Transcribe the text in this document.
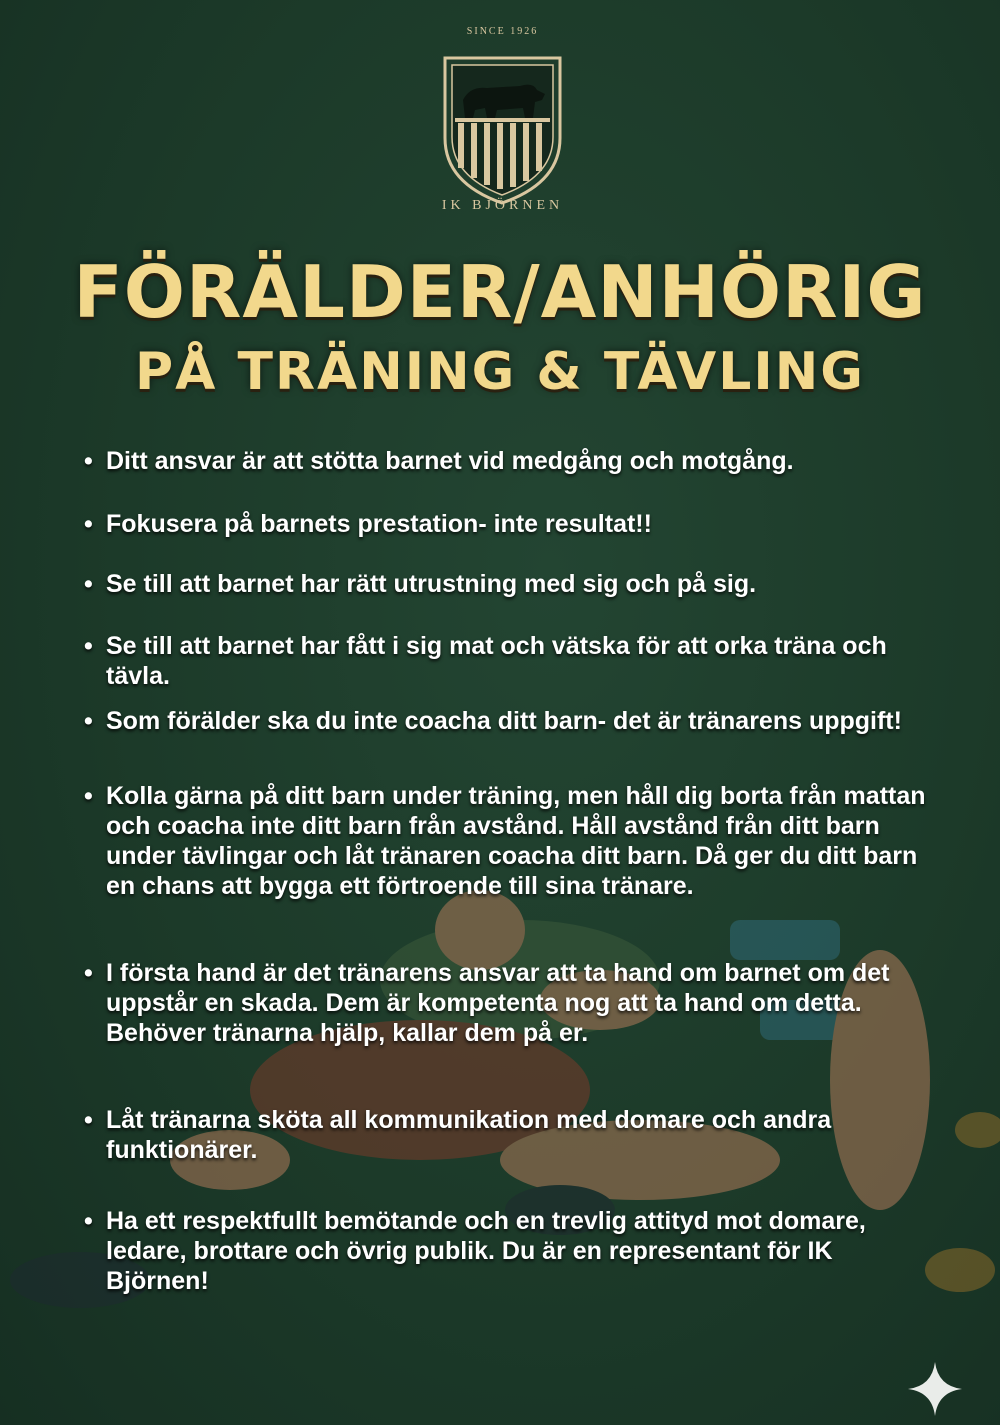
SINCE 1926
IK BJÖRNEN
FÖRÄLDER/ANHÖRIG
PÅ TRÄNING & TÄVLING
• Ditt ansvar är att stötta barnet vid medgång och motgång.
• Fokusera på barnets prestation- inte resultat!!
• Se till att barnet har rätt utrustning med sig och på sig.
• Se till att barnet har fått i sig mat och vätska för att orka träna och tävla.
• Som förälder ska du inte coacha ditt barn- det är tränarens uppgift!
• Kolla gärna på ditt barn under träning, men håll dig borta från mattan och coacha inte ditt barn från avstånd. Håll avstånd från ditt barn under tävlingar och låt tränaren coacha ditt barn. Då ger du ditt barn en chans att bygga ett förtroende till sina tränare.
• I första hand är det tränarens ansvar att ta hand om barnet om det uppstår en skada. Dem är kompetenta nog att ta hand om detta. Behöver tränarna hjälp, kallar dem på er.
• Låt tränarna sköta all kommunikation med domare och andra funktionärer.
• Ha ett respektfullt bemötande och en trevlig attityd mot domare, ledare, brottare och övrig publik. Du är en representant för IK Björnen!
